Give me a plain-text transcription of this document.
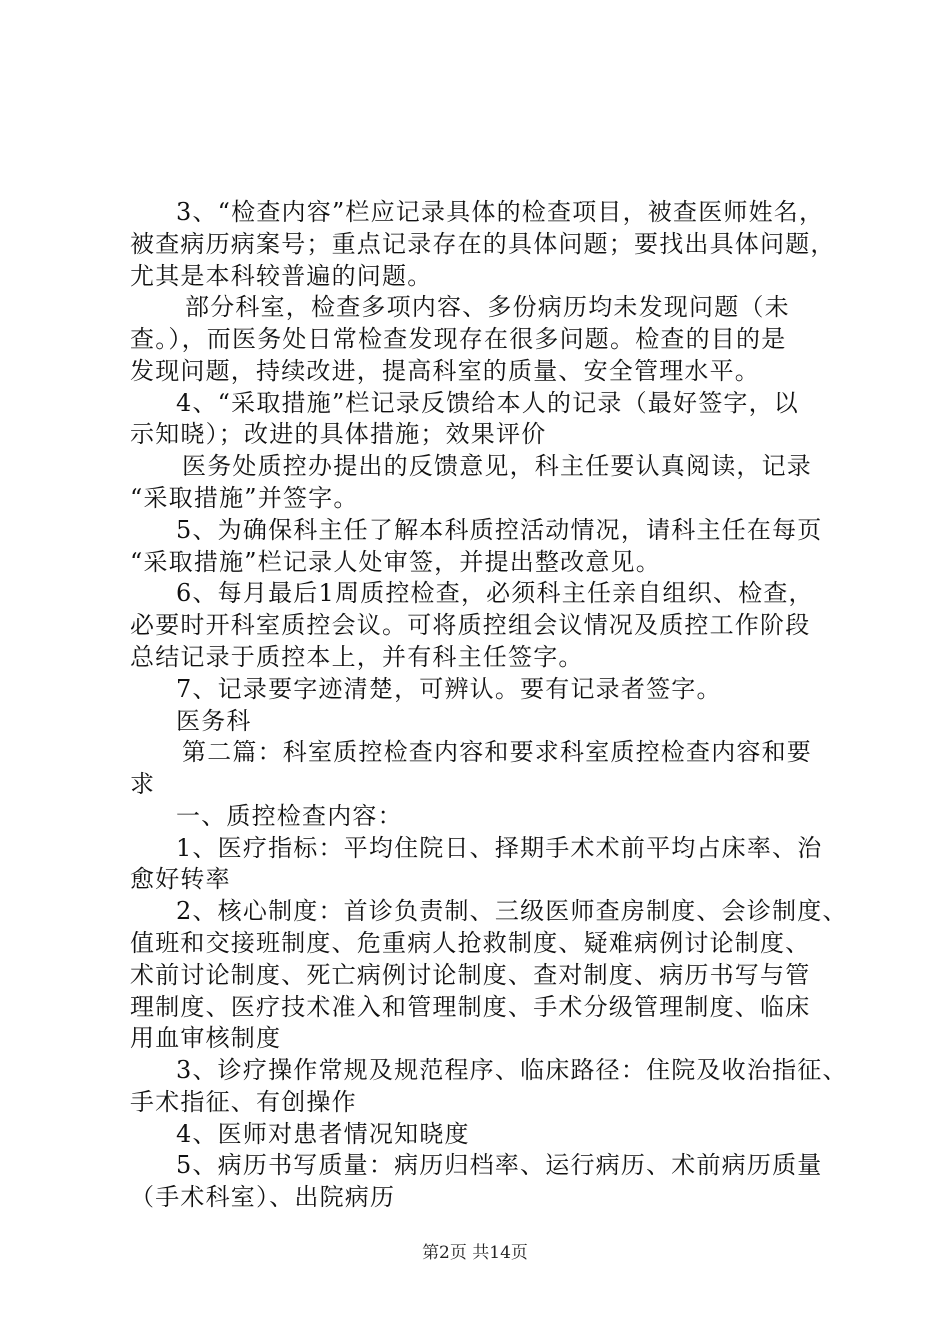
3、“检查内容”栏应记录具体的检查项目，被查医师姓名，
被查病历病案号；重点记录存在的具体问题；要找出具体问题，
尤其是本科较普遍的问题。
部分科室，检查多项内容、多份病历均未发现问题（未
查。），而医务处日常检查发现存在很多问题。检查的目的是
发现问题，持续改进，提高科室的质量、安全管理水平。
4、“采取措施”栏记录反馈给本人的记录（最好签字，以
示知晓）；改进的具体措施；效果评价
医务处质控办提出的反馈意见，科主任要认真阅读，记录
“采取措施”并签字。
5、为确保科主任了解本科质控活动情况，请科主任在每页
“采取措施”栏记录人处审签，并提出整改意见。
6、每月最后1周质控检查，必须科主任亲自组织、检查，
必要时开科室质控会议。可将质控组会议情况及质控工作阶段
总结记录于质控本上，并有科主任签字。
7、记录要字迹清楚，可辨认。要有记录者签字。
医务科
第二篇：科室质控检查内容和要求科室质控检查内容和要
求
一、质控检查内容：
1、医疗指标：平均住院日、择期手术术前平均占床率、治
愈好转率
2、核心制度：首诊负责制、三级医师查房制度、会诊制度、
值班和交接班制度、危重病人抢救制度、疑难病例讨论制度、
术前讨论制度、死亡病例讨论制度、查对制度、病历书写与管
理制度、医疗技术准入和管理制度、手术分级管理制度、临床
用血审核制度
3、诊疗操作常规及规范程序、临床路径：住院及收治指征、
手术指征、有创操作
4、医师对患者情况知晓度
5、病历书写质量：病历归档率、运行病历、术前病历质量
（手术科室）、出院病历
第2页 共14页
